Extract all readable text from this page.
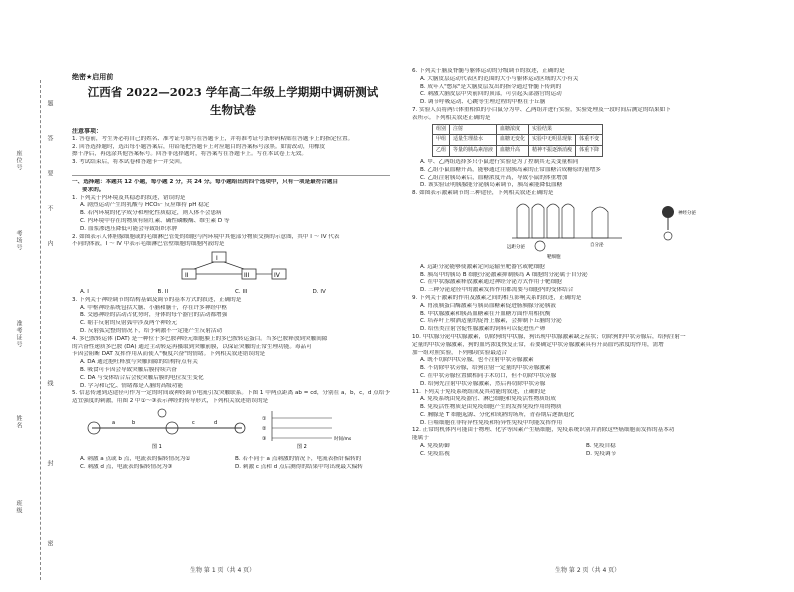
座位号
考场号
准考证号
姓名
班级
题
答
要
不
内
线
封
密
绝密★启用前
江西省 2022—2023 学年高二年级上学期期中调研测试
生物试卷

注意事项：

1. 答卷前，考生务必将自己的姓名、准考证号填写在答题卡上，并将准考证号条形码粘贴在答题卡上的指定位置。

2. 回答选择题时，选出每小题答案后，用铅笔把答题卡上对应题目的答案标号涂黑。如需改动，用橡皮

擦干净后，再选涂其他答案标号。回答非选择题时，将答案写在答题卡上。写在本试卷上无效。

3. 考试结束后，将本试卷和答题卡一并交回。

一、选择题：本题共 12 小题，每小题 2 分，共 24 分。每小题给出的四个选项中，只有一项是最符合题目

要求的。

1. 下列关于内环境及其稳态的叙述，错误的是

A. 剧烈运动产生的乳酸与 HCO₃⁻ 反应维持 pH 稳定

B. 若内环境的化学成分和理化性质稳定，则人体不会患病

C. 内环境中存在的物质有阻红素、碱性磷酸酶、维生素 D 等

D. 血浆渗透压降低可能会导致组织水肿

2. 如图表示人体胆腺细胞或的毛细淋巴管处的细胞与内环境中其他部分物质交换的示意图，其中 I ～ IV 代表

不同的体液，I ～ IV 中表示毛细淋巴管壁细胞的细胞内液的是

I
II	III	IV
A. I	B. II	C. III	D. IV

3. 下列关于神经调节的结构基础及调节的基本方式的叙述，正确的是

A. 中枢神经系统包括大脑、小脑和脑干，存在许多神经中枢

B. 交感神经的活动占优势时，身体的每个器官的活动都增强

C. 缩手反射的反射弧中涉及两个神经元

D. 反射弧完整的情况下，给予刺激不一定能产生反射活动

4. 多巴胺转运体 (DAT) 是一种位于多巴胺神经元细胞膜上的多巴胺转运蛋白。当多巴胺释放到突触间隙

的兴奋性递质多巴胺 (DA) 通过主动转运再摄取到突触前膜，以保证突触的正常生理功能。毒品可

卡因会阻断 DAT 发挥作用从而使人"极度兴奋"的情绪。下列相关叙述错误的是

A. DA 通过胞吐释放与突触间隙的结构特点有关

B. 吸食可卡因会导致突触后膜持续兴奋

C. DA 与受体结合后会使突触后膜的电位发生变化

D. 学习和记忆、情绪都是人脑的高级功能

5. 信息传递到达途径可作为一定的时间或神经调节电流引发突触联系。下图 1 中两点距离 ab = cd，分别在 a，b，c，d 点给予

适宜强度的刺激，用图 2 中①～③表示神经的传导形式，下列相关叙述错误的是

a	b	c	d
图 1
①
②
③	时间/ms
图 2
A. 刺激 a 点或 b 点，电流表的偏转情况为①	B. 若不同于 a 点刺激的情况下，电流表指针偏转的
C. 刺激 d 点，电流表的偏转情况为③	D. 刺激 c 点和 d 点后测得的结果中均出现最大偏转

6. 下列关于脑及脊髓与躯体运动的分级调节的叙述，正确的是

A. 大脑皮层运动代表区的范围的大小与躯体运动区域的大小有关

B. 成年人"憋尿"是大脑皮层发出的指令通过脊髓下传到的

C. 刺激大脑皮层中央前回的顶部，可引起头部器官的运动

D. 调节呼吸运动、心跳等生理过程的中枢在于丘脑

7. 实验人员将两只体重相似的小白鼠分为甲、乙两组并进行实验，实验处理及一段时间后测定的结果如下

表所示。下列相关叙述正确的是

组别	注射	血糖浓度	实验结果	
甲组	适量生理盐水	血糖无变化	实验中无明显现象	体重不变
乙组	等量的胰岛素溶液	血糖升高	精神不振逐渐消瘦	体重下降

A. 甲、乙两组选择多只小鼠进行实验是为了控制其无关变量相同

B. 乙组小鼠血糖升高，能够通过注射胰岛素的正常血糖合成糖原的量增多

C. 乙组注射胰岛素后，血糖浓度升高，导致小鼠的体重增加

D. 该实验证明胰腺能分泌胰岛素调节，胰岛素能降低血糖

8. 如图表示激素调节的三种途径，下列相关叙述正确的是

远距分泌	自分泌
神经分泌
靶细胞

A. 远距分泌能够使激素定向运输至靶器官或靶细胞

B. 胰岛中的胰岛 B 细胞分泌激素抑制胰岛 A 细胞的分泌属于自分泌

C. 在甲状腺激素释放激素通过神经分泌方式作用于靶细胞

D. 三种分泌途径中的激素发挥作用都需要与细胞内的受体结合

9. 下列关于激素的作用及激素之间的相互影响关系的叙述，正确的是

A. 胃液胰蛋白酶激素与胰高血糖素促进肠胰腺分泌胰液

B. 甲状腺激素和胰高血糖素在升血糖方面作用相抗衡

C. 培养叶上喷洒适量的促肾上腺素，会抑制下丘脑的分泌

D. 给鱼类注射含促性腺激素的饲料可以促进鱼产卵

10. 甲状腺分泌甲状腺激素，切除狗的甲状腺，狗出现甲状腺激素缺乏症状；切除狗的甲状旁腺后，给狗注射一

定量的甲状旁腺激素，狗的血钙浓度恢复正常，若要确定甲状旁腺激素具有升高血钙浓度的作用，需增

加一组对照实验，下列哪项实验最适合

A. 既不切除甲状旁腺，也不注射甲状旁腺激素

B. 不切除甲状旁腺，给狗注射一定量的甲状旁腺激素

C. 在甲状旁腺位置做相同手术切口，但不切除甲状旁腺

D. 给狗先注射甲状旁腺激素，然后再切除甲状旁腺

11. 下列关于免疫系统组成及其功能的叙述，正确的是

A. 免疫系统由免疫器官、淋巴细胞和免疫活性物质组成

B. 免疫活性物质是由免疫细胞产生的发挥免疫作用的物质

C. 胸腺是 T 细胞起源、分化和成熟的场所，青春期后逐渐退化

D. 巨噬细胞在非特异性免疫和特异性免疫中均能发挥作用

12. 正常的机体内可能由于物理、化学等因素产生癌细胞，免疫系统识别并消除这些癌细胞而发挥的基本功

能属于

A. 免疫防御	B. 免疫自稳
C. 免疫监视	D. 免疫调节
生物 第 1 页（共 4 页）	生物 第 2 页（共 4 页）
